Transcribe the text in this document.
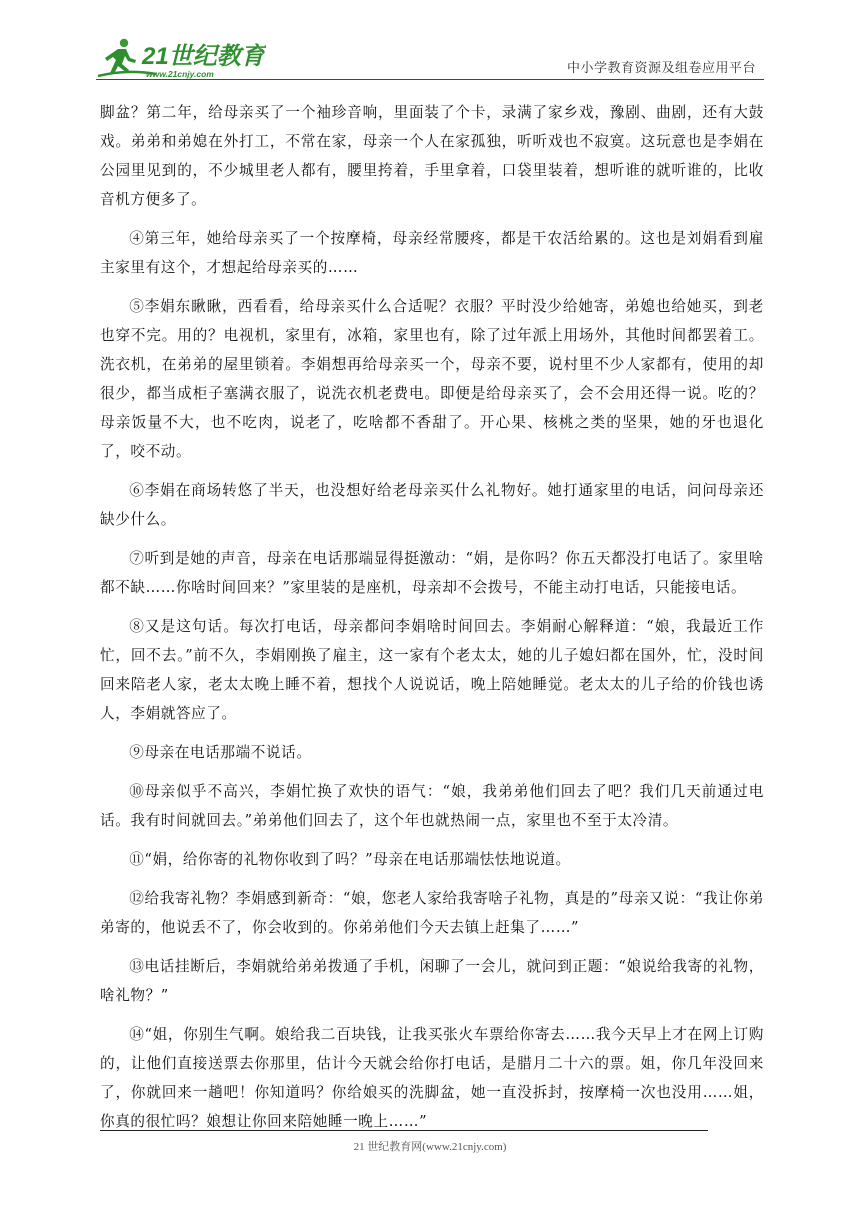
21世纪教育
www.21cnjy.com	中小学教育资源及组卷应用平台

脚盆？第二年，给母亲买了一个袖珍音响，里面装了个卡，录满了家乡戏，豫剧、曲剧，还有大鼓戏。弟弟和弟媳在外打工，不常在家，母亲一个人在家孤独，听听戏也不寂寞。这玩意也是李娟在公园里见到的，不少城里老人都有，腰里挎着，手里拿着，口袋里装着，想听谁的就听谁的，比收音机方便多了。

④第三年，她给母亲买了一个按摩椅，母亲经常腰疼，都是干农活给累的。这也是刘娟看到雇主家里有这个，才想起给母亲买的……

⑤李娟东瞅瞅，西看看，给母亲买什么合适呢？衣服？平时没少给她寄，弟媳也给她买，到老也穿不完。用的？电视机，家里有，冰箱，家里也有，除了过年派上用场外，其他时间都罢着工。洗衣机，在弟弟的屋里锁着。李娟想再给母亲买一个，母亲不要，说村里不少人家都有，使用的却很少，都当成柜子塞满衣服了，说洗衣机老费电。即便是给母亲买了，会不会用还得一说。吃的？母亲饭量不大，也不吃肉，说老了，吃啥都不香甜了。开心果、核桃之类的坚果，她的牙也退化了，咬不动。

⑥李娟在商场转悠了半天，也没想好给老母亲买什么礼物好。她打通家里的电话，问问母亲还缺少什么。

⑦听到是她的声音，母亲在电话那端显得挺激动：“娟，是你吗？你五天都没打电话了。家里啥都不缺……你啥时间回来？”家里装的是座机，母亲却不会拨号，不能主动打电话，只能接电话。

⑧又是这句话。每次打电话，母亲都问李娟啥时间回去。李娟耐心解释道：“娘，我最近工作忙，回不去。”前不久，李娟刚换了雇主，这一家有个老太太，她的儿子媳妇都在国外，忙，没时间回来陪老人家，老太太晚上睡不着，想找个人说说话，晚上陪她睡觉。老太太的儿子给的价钱也诱人，李娟就答应了。

⑨母亲在电话那端不说话。

⑩母亲似乎不高兴，李娟忙换了欢快的语气：“娘，我弟弟他们回去了吧？我们几天前通过电话。我有时间就回去。”弟弟他们回去了，这个年也就热闹一点，家里也不至于太冷清。

⑪“娟，给你寄的礼物你收到了吗？”母亲在电话那端怯怯地说道。

⑫给我寄礼物？李娟感到新奇：“娘，您老人家给我寄啥子礼物，真是的”母亲又说：“我让你弟弟寄的，他说丢不了，你会收到的。你弟弟他们今天去镇上赶集了……”

⑬电话挂断后，李娟就给弟弟拨通了手机，闲聊了一会儿，就问到正题：“娘说给我寄的礼物，啥礼物？”

⑭“姐，你别生气啊。娘给我二百块钱，让我买张火车票给你寄去……我今天早上才在网上订购的，让他们直接送票去你那里，估计今天就会给你打电话，是腊月二十六的票。姐，你几年没回来了，你就回来一趟吧！你知道吗？你给娘买的洗脚盆，她一直没拆封，按摩椅一次也没用……姐，你真的很忙吗？娘想让你回来陪她睡一晚上……”

21 世纪教育网(www.21cnjy.com)
